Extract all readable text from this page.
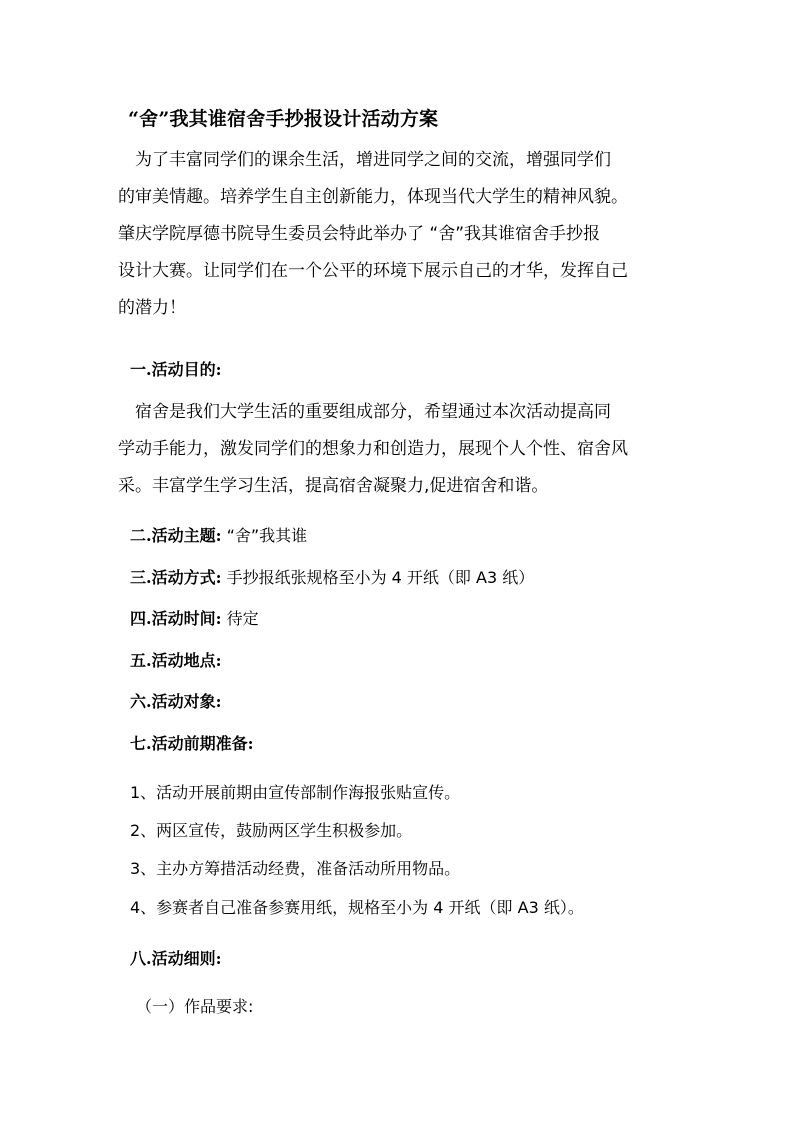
“舍”我其谁宿舍手抄报设计活动方案
　为了丰富同学们的课余生活，增进同学之间的交流，增强同学们
的审美情趣。培养学生自主创新能力，体现当代大学生的精神风貌。
肇庆学院厚德书院导生委员会特此举办了 “舍”我其谁宿舍手抄报
设计大赛。让同学们在一个公平的环境下展示自己的才华，发挥自己
的潜力！
一.活动目的:
　宿舍是我们大学生活的重要组成部分，希望通过本次活动提高同
学动手能力，激发同学们的想象力和创造力，展现个人个性、宿舍风
采。丰富学生学习生活，提高宿舍凝聚力,促进宿舍和谐。
二.活动主题: “舍”我其谁
三.活动方式: 手抄报纸张规格至小为 4 开纸（即 A3 纸）
四.活动时间: 待定
五.活动地点:
六.活动对象:
七.活动前期准备:
1、活动开展前期由宣传部制作海报张贴宣传。
2、两区宣传，鼓励两区学生积极参加。
3、主办方筹措活动经费，准备活动所用物品。
4、参赛者自己准备参赛用纸，规格至小为 4 开纸（即 A3 纸）。
八.活动细则:
（一）作品要求:
